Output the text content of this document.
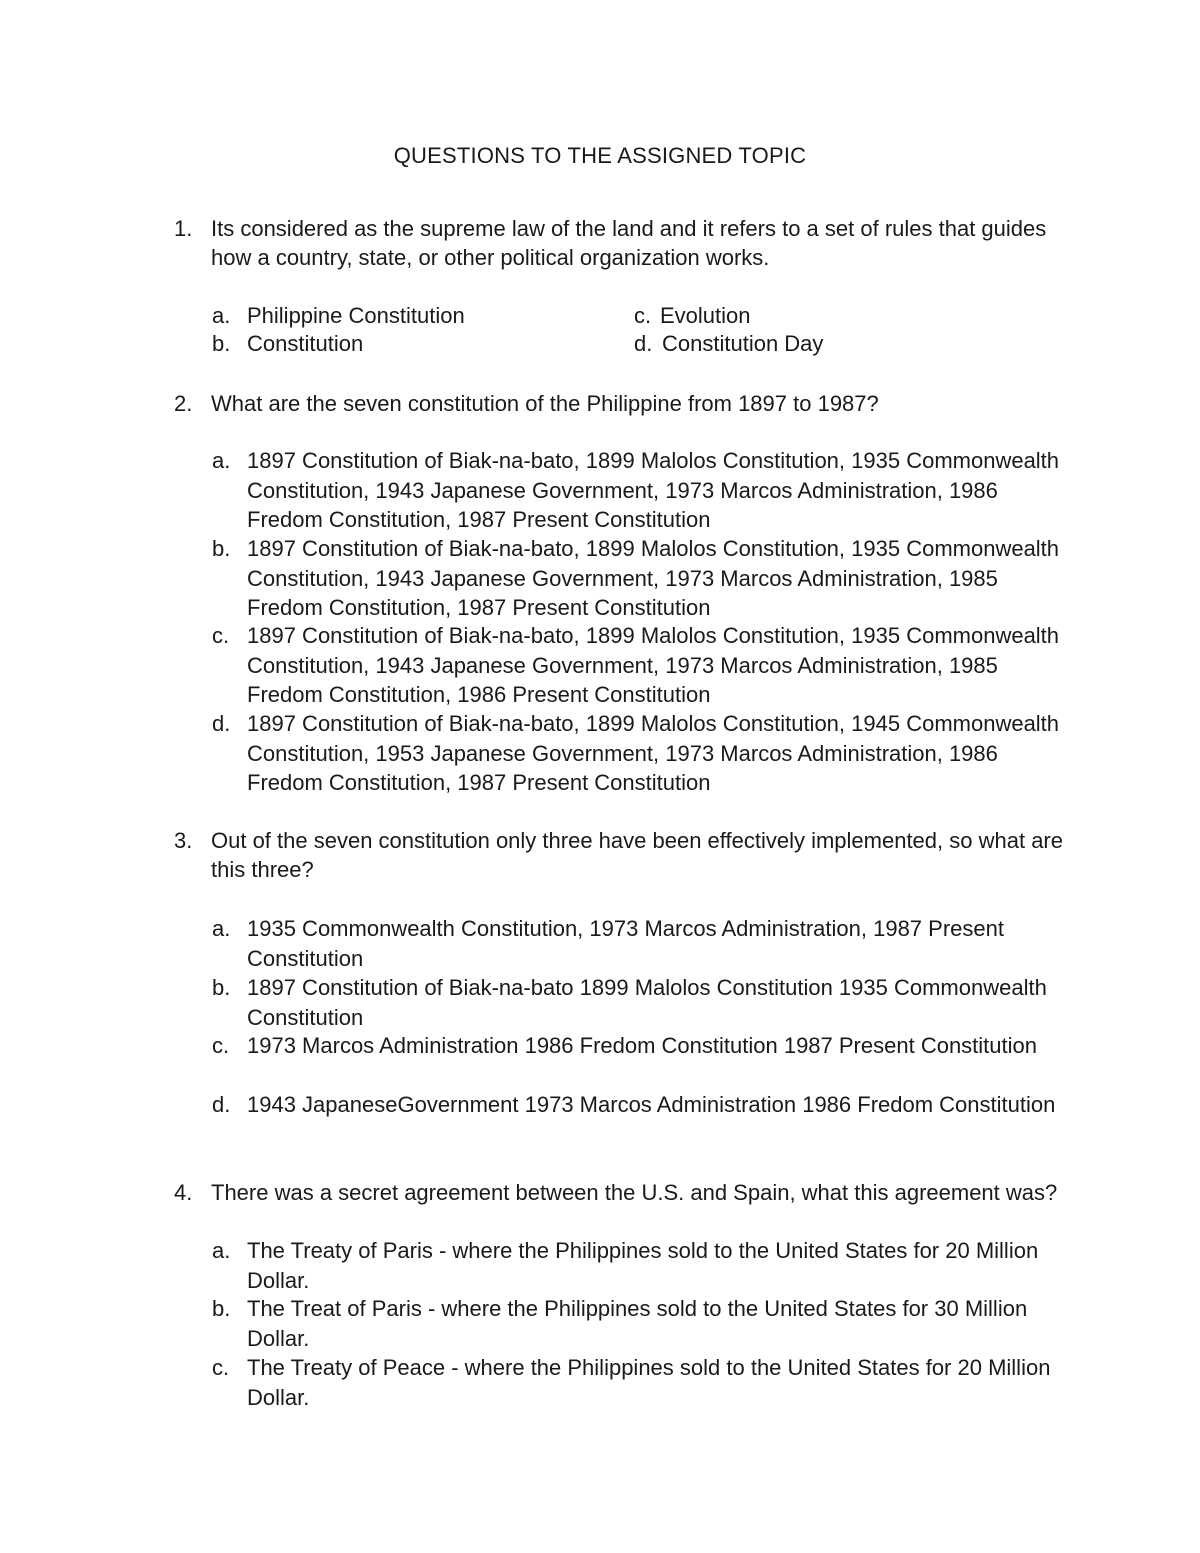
QUESTIONS TO THE ASSIGNED TOPIC
1. Its considered as the supreme law of the land and it refers to a set of rules that guides how a country, state, or other political organization works.
a. Philippine Constitution
b. Constitution
c. Evolution
d. Constitution Day
2. What are the seven constitution of the Philippine from 1897 to 1987?
a. 1897 Constitution of Biak-na-bato, 1899 Malolos Constitution, 1935 Commonwealth Constitution, 1943 Japanese Government, 1973 Marcos Administration, 1986 Fredom Constitution, 1987 Present Constitution
b. 1897 Constitution of Biak-na-bato, 1899 Malolos Constitution, 1935 Commonwealth Constitution, 1943 Japanese Government, 1973 Marcos Administration, 1985 Fredom Constitution, 1987 Present Constitution
c. 1897 Constitution of Biak-na-bato, 1899 Malolos Constitution, 1935 Commonwealth Constitution, 1943 Japanese Government, 1973 Marcos Administration, 1985 Fredom Constitution, 1986 Present Constitution
d. 1897 Constitution of Biak-na-bato, 1899 Malolos Constitution, 1945 Commonwealth Constitution, 1953 Japanese Government, 1973 Marcos Administration, 1986 Fredom Constitution, 1987 Present Constitution
3. Out of the seven constitution only three have been effectively implemented, so what are this three?
a. 1935 Commonwealth Constitution, 1973 Marcos Administration, 1987 Present Constitution
b. 1897 Constitution of Biak-na-bato 1899 Malolos Constitution 1935 Commonwealth Constitution
c. 1973 Marcos Administration 1986 Fredom Constitution 1987 Present Constitution
d. 1943 JapaneseGovernment 1973 Marcos Administration 1986 Fredom Constitution
4. There was a secret agreement between the U.S. and Spain, what this agreement was?
a. The Treaty of Paris - where the Philippines sold to the United States for 20 Million Dollar.
b. The Treat of Paris - where the Philippines sold to the United States for 30 Million Dollar.
c. The Treaty of Peace - where the Philippines sold to the United States for 20 Million Dollar.
